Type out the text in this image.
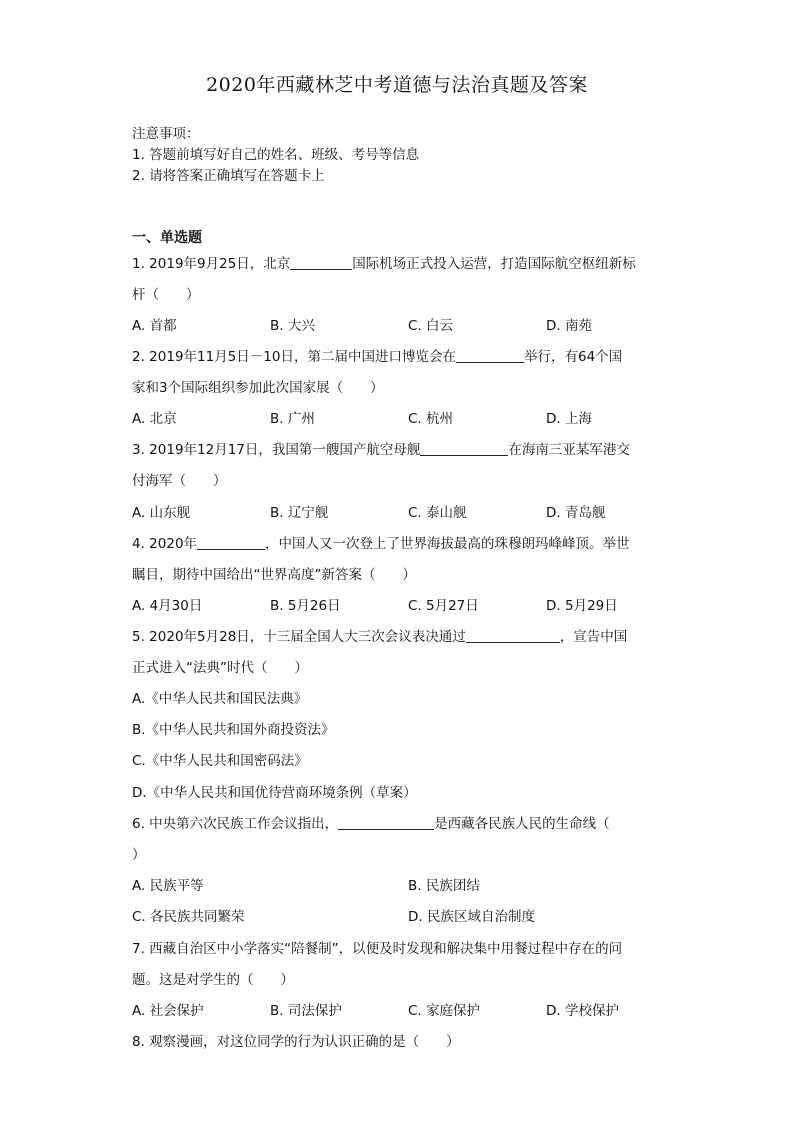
2020年西藏林芝中考道德与法治真题及答案
注意事项：
1. 答题前填写好自己的姓名、班级、考号等信息
2. 请将答案正确填写在答题卡上
一、单选题
1. 2019年9月25日，北京	国际机场正式投入运营，打造国际航空枢纽新标
杆（　　）
A. 首都	B. 大兴	C. 白云	D. 南苑
2. 2019年11月5日－10日，第二届中国进口博览会在	举行，有64个国
家和3个国际组织参加此次国家展（　　）
A. 北京	B. 广州	C. 杭州	D. 上海
3. 2019年12月17日，我国第一艘国产航空母舰	在海南三亚某军港交
付海军（　　）
A. 山东舰	B. 辽宁舰	C. 泰山舰	D. 青岛舰
4. 2020年	，中国人又一次登上了世界海拔最高的珠穆朗玛峰峰顶。举世
瞩目，期待中国给出“世界高度”新答案（　　）
A. 4月30日	B. 5月26日	C. 5月27日	D. 5月29日
5. 2020年5月28日，十三届全国人大三次会议表决通过	，宣告中国
正式进入“法典”时代（　　）
A.《中华人民共和国民法典》
B.《中华人民共和国外商投资法》
C.《中华人民共和国密码法》
D.《中华人民共和国优待营商环境条例（草案）
6. 中央第六次民族工作会议指出，	是西藏各民族人民的生命线（
）
A. 民族平等	B. 民族团结
C. 各民族共同繁荣	D. 民族区域自治制度
7. 西藏自治区中小学落实“陪餐制”，以便及时发现和解决集中用餐过程中存在的问
题。这是对学生的（　　）
A. 社会保护	B. 司法保护	C. 家庭保护	D. 学校保护
8. 观察漫画，对这位同学的行为认识正确的是（　　）
